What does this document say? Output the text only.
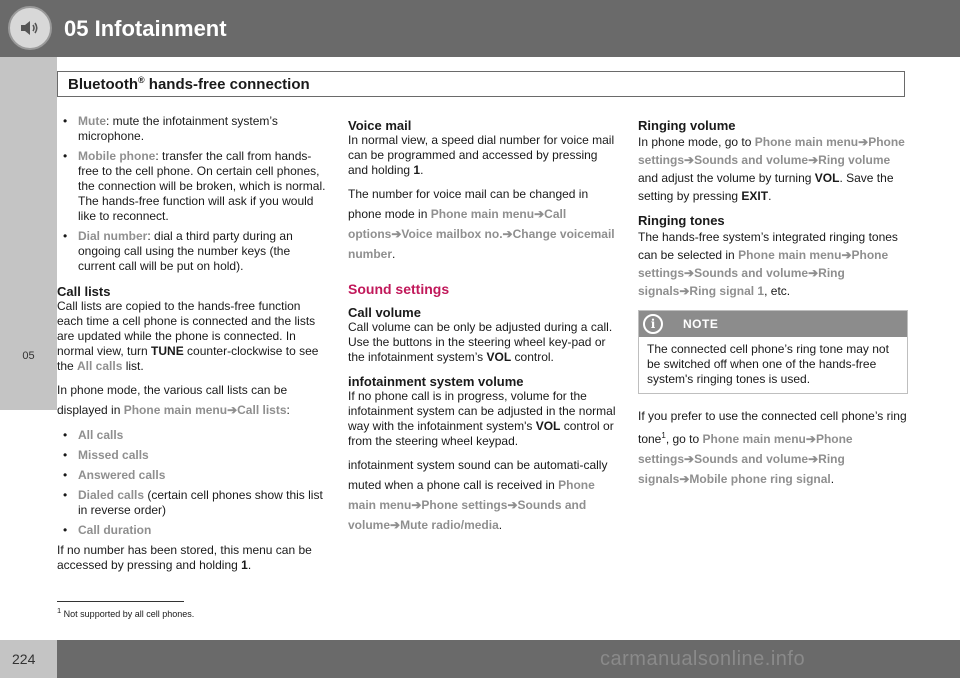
05 Infotainment
05
Bluetooth® hands-free connection
• Mute: mute the infotainment system’s microphone.
• Mobile phone: transfer the call from hands-free to the cell phone. On certain cell phones, the connection will be broken, which is normal. The hands-free function will ask if you would like to reconnect.
• Dial number: dial a third party during an ongoing call using the number keys (the current call will be put on hold).
Call lists

Call lists are copied to the hands-free function each time a cell phone is connected and the lists are updated while the phone is connected. In normal view, turn TUNE counter-clockwise to see the All calls list.

In phone mode, the various call lists can be displayed in Phone main menu➔Call lists:

• All calls
• Missed calls
• Answered calls
• Dialed calls (certain cell phones show this list in reverse order)
• Call duration

If no number has been stored, this menu can be accessed by pressing and holding 1.

Voice mail

In normal view, a speed dial number for voice mail can be programmed and accessed by pressing and holding 1.

The number for voice mail can be changed in phone mode in Phone main menu➔Call options➔Voice mailbox no.➔Change voicemail number.

Sound settings
Call volume

Call volume can be only be adjusted during a call. Use the buttons in the steering wheel key-pad or the infotainment system’s VOL control.

infotainment system volume

If no phone call is in progress, volume for the infotainment system can be adjusted in the normal way with the infotainment system's VOL control or from the steering wheel keypad.

infotainment system sound can be automati-cally muted when a phone call is received in Phone main menu➔Phone settings➔Sounds and volume➔Mute radio/media.

Ringing volume

In phone mode, go to Phone main menu➔Phone settings➔Sounds and volume➔Ring volume and adjust the volume by turning VOL. Save the setting by pressing EXIT.

Ringing tones

The hands-free system’s integrated ringing tones can be selected in Phone main menu➔Phone settings➔Sounds and volume➔Ring signals➔Ring signal 1, etc.

i	NOTE
The connected cell phone’s ring tone may not be switched off when one of the hands-free system's ringing tones is used.

If you prefer to use the connected cell phone’s ring tone$^1$, go to Phone main menu➔Phone settings➔Sounds and volume➔Ring signals➔Mobile phone ring signal.

$^1$ Not supported by all cell phones.
224	carmanualsonline.info
